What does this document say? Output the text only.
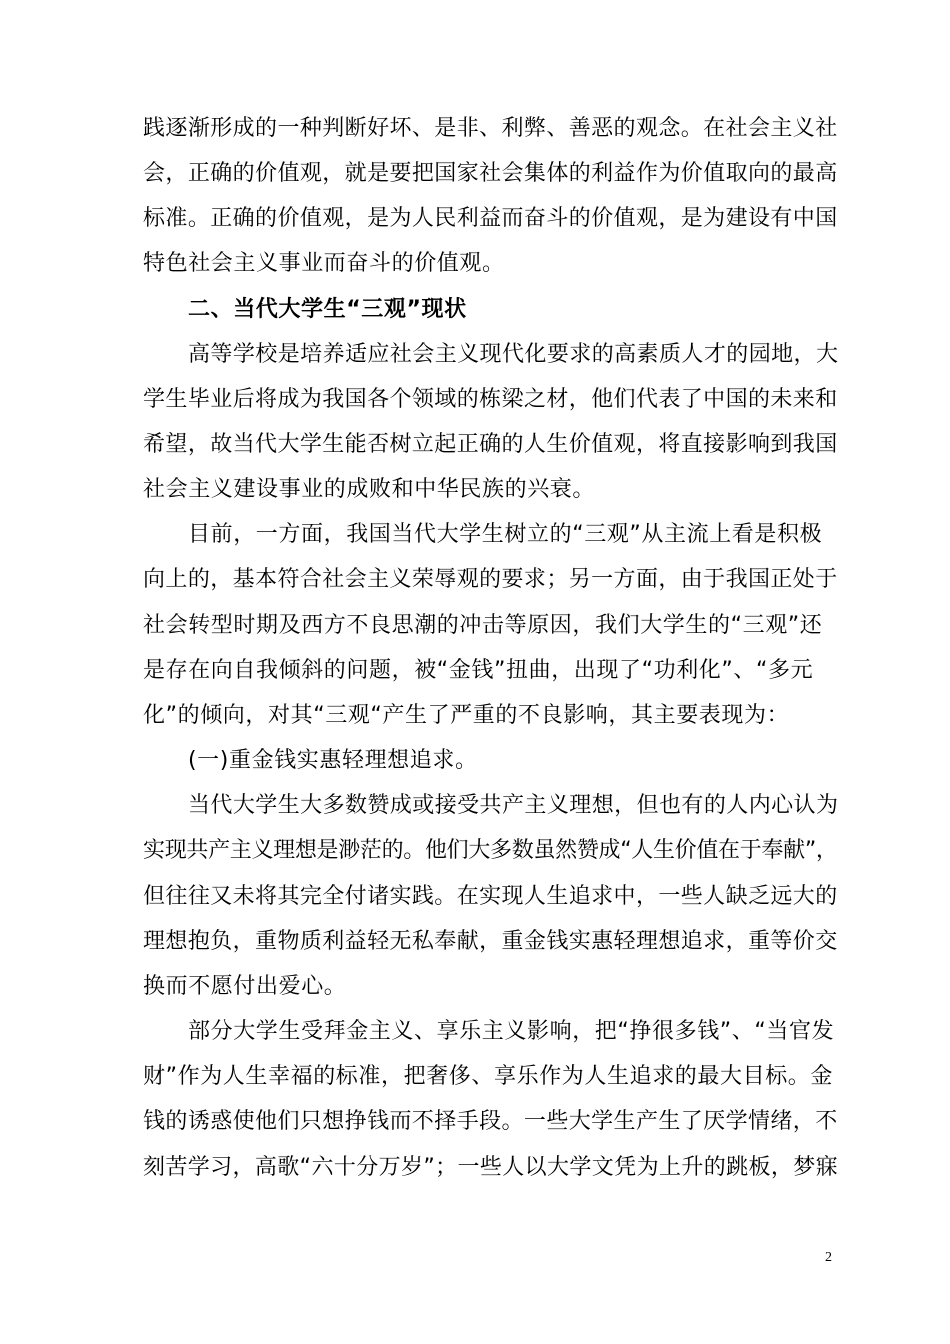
践逐渐形成的一种判断好坏、是非、利弊、善恶的观念。在社会主义社
会，正确的价值观，就是要把国家社会集体的利益作为价值取向的最高
标准。正确的价值观，是为人民利益而奋斗的价值观，是为建设有中国
特色社会主义事业而奋斗的价值观。
二、当代大学生“三观”现状
高等学校是培养适应社会主义现代化要求的高素质人才的园地，大
学生毕业后将成为我国各个领域的栋梁之材，他们代表了中国的未来和
希望，故当代大学生能否树立起正确的人生价值观，将直接影响到我国
社会主义建设事业的成败和中华民族的兴衰。
目前，一方面，我国当代大学生树立的“三观”从主流上看是积极
向上的，基本符合社会主义荣辱观的要求；另一方面，由于我国正处于
社会转型时期及西方不良思潮的冲击等原因，我们大学生的“三观”还
是存在向自我倾斜的问题，被“金钱”扭曲，出现了“功利化”、“多元
化”的倾向，对其“三观“产生了严重的不良影响，其主要表现为：
(一)重金钱实惠轻理想追求。
当代大学生大多数赞成或接受共产主义理想，但也有的人内心认为
实现共产主义理想是渺茫的。他们大多数虽然赞成“人生价值在于奉献”，
但往往又未将其完全付诸实践。在实现人生追求中，一些人缺乏远大的
理想抱负，重物质利益轻无私奉献，重金钱实惠轻理想追求，重等价交
换而不愿付出爱心。
部分大学生受拜金主义、享乐主义影响，把“挣很多钱”、“当官发
财”作为人生幸福的标准，把奢侈、享乐作为人生追求的最大目标。金
钱的诱惑使他们只想挣钱而不择手段。一些大学生产生了厌学情绪，不
刻苦学习，高歌“六十分万岁”；一些人以大学文凭为上升的跳板，梦寐
2
